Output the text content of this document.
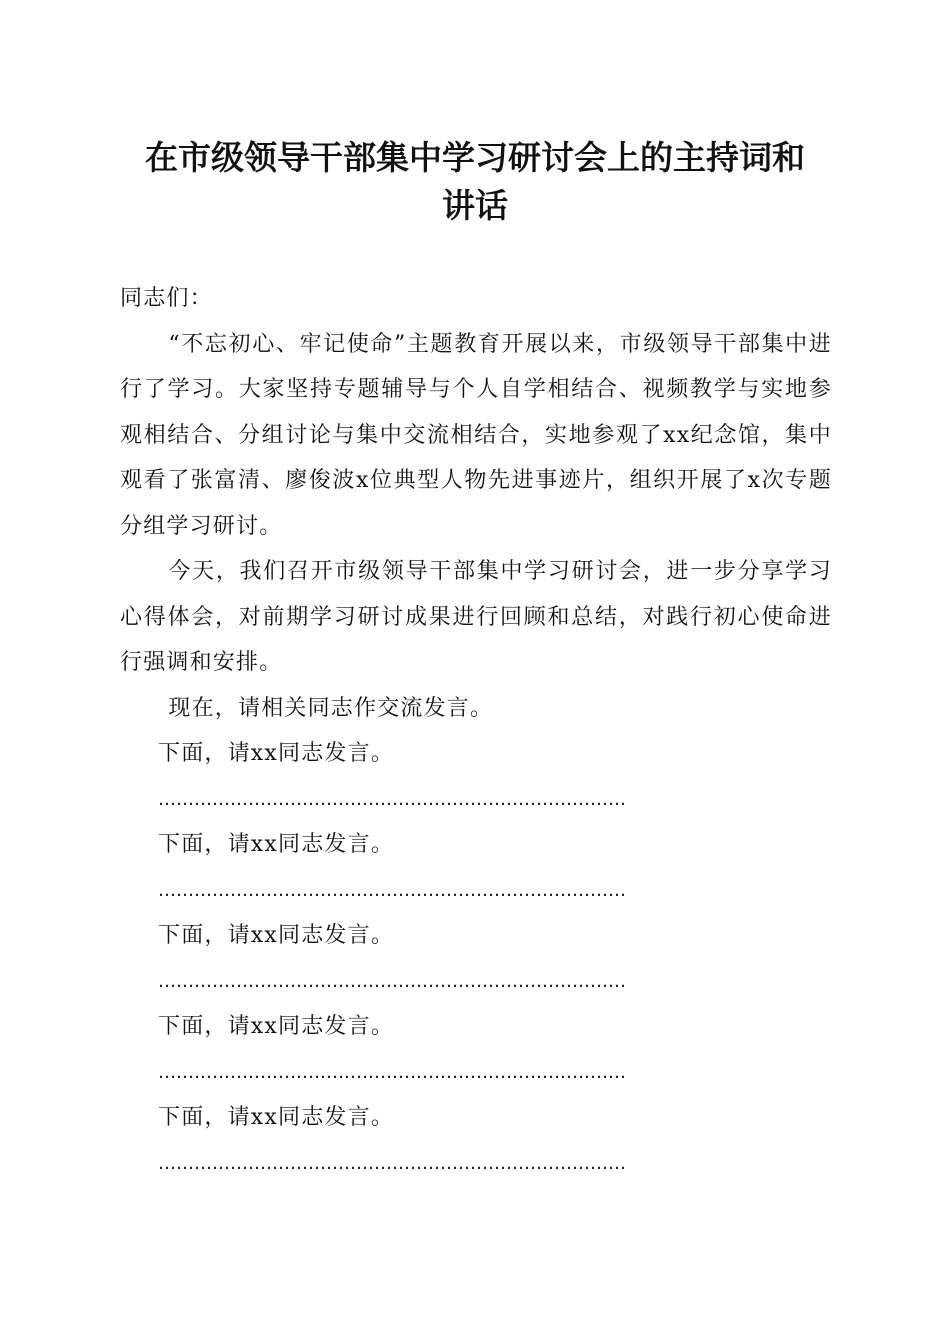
在市级领导干部集中学习研讨会上的主持词和
讲话

同志们：

“不忘初心、牢记使命”主题教育开展以来，市级领导干部集中进行了学习。大家坚持专题辅导与个人自学相结合、视频教学与实地参观相结合、分组讨论与集中交流相结合，实地参观了xx纪念馆，集中观看了张富清、廖俊波x位典型人物先进事迹片，组织开展了x次专题分组学习研讨。

今天，我们召开市级领导干部集中学习研讨会，进一步分享学习心得体会，对前期学习研讨成果进行回顾和总结，对践行初心使命进行强调和安排。

现在，请相关同志作交流发言。

下面，请xx同志发言。

……………………………………………………………………

下面，请xx同志发言。

……………………………………………………………………

下面，请xx同志发言。

……………………………………………………………………

下面，请xx同志发言。

……………………………………………………………………

下面，请xx同志发言。

……………………………………………………………………
